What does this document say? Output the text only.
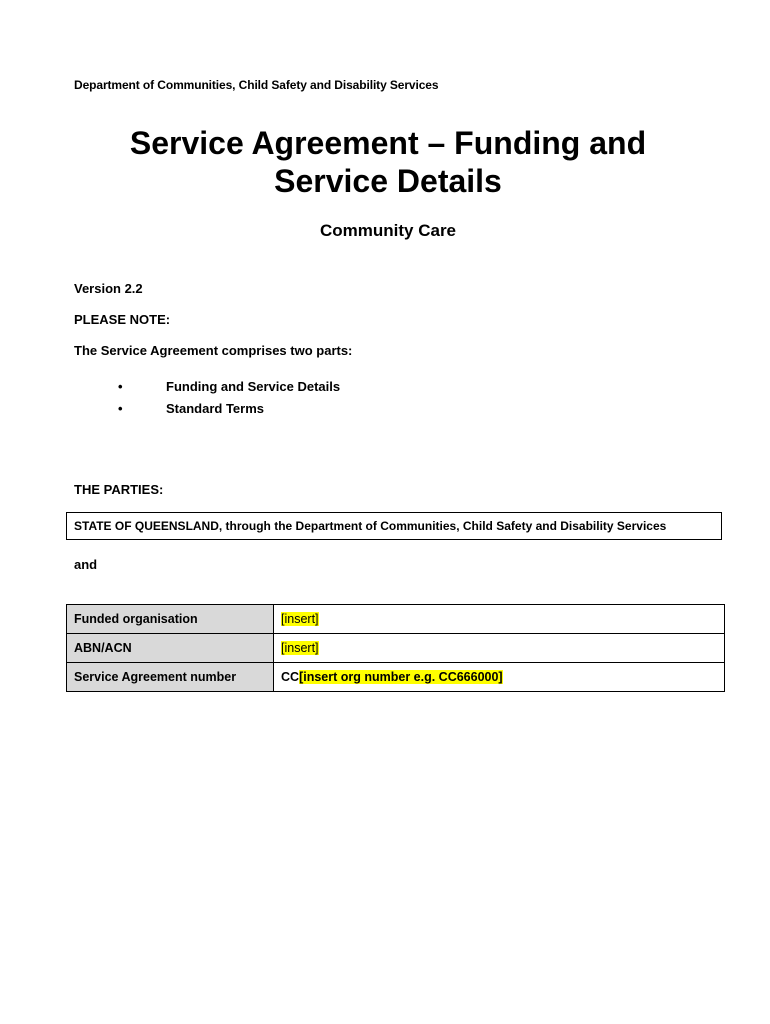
Department of Communities, Child Safety and Disability Services
Service Agreement – Funding and
Service Details
Community Care
Version 2.2
PLEASE NOTE:
The Service Agreement comprises two parts:
•	Funding and Service Details
•	Standard Terms
THE PARTIES:
STATE OF QUEENSLAND, through the Department of Communities, Child Safety and Disability Services
and
Funded organisation	[insert]
ABN/ACN	[insert]
Service Agreement number	CC[insert org number e.g. CC666000]
